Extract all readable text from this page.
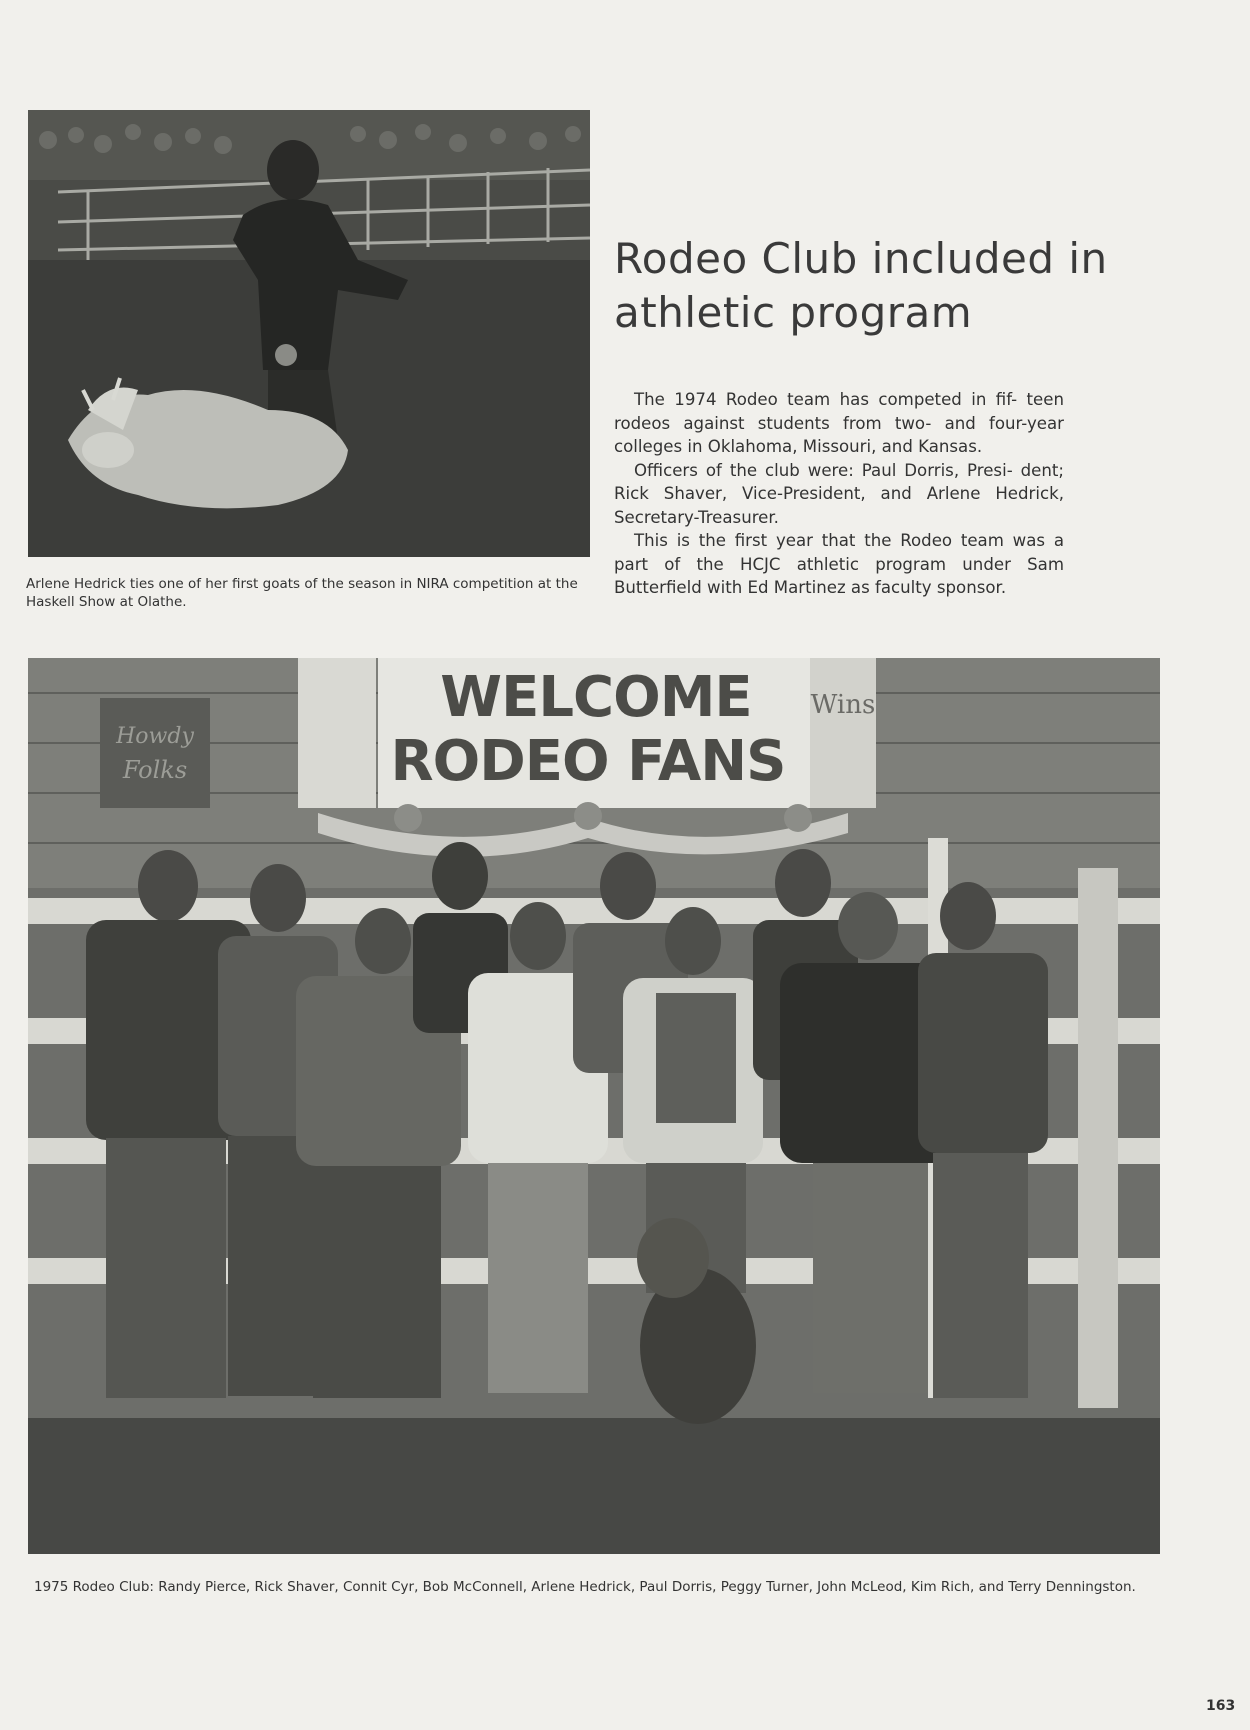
Arlene Hedrick ties one of her first goats of the season in NIRA competition at the Haskell Show at Olathe.
Rodeo Club included in athletic program

The 1974 Rodeo team has competed in fif- teen rodeos against students from two- and four-year colleges in Oklahoma, Missouri, and Kansas.

Officers of the club were: Paul Dorris, Presi- dent; Rick Shaver, Vice-President, and Arlene Hedrick, Secretary-Treasurer.

This is the first year that the Rodeo team was a part of the HCJC athletic program under Sam Butterfield with Ed Martinez as faculty sponsor.

Howdy
Folks
WELCOME
RODEO FANS
Wins
1975 Rodeo Club: Randy Pierce, Rick Shaver, Connit Cyr, Bob McConnell, Arlene Hedrick, Paul Dorris, Peggy Turner, John McLeod, Kim Rich, and Terry Denningston.
163
